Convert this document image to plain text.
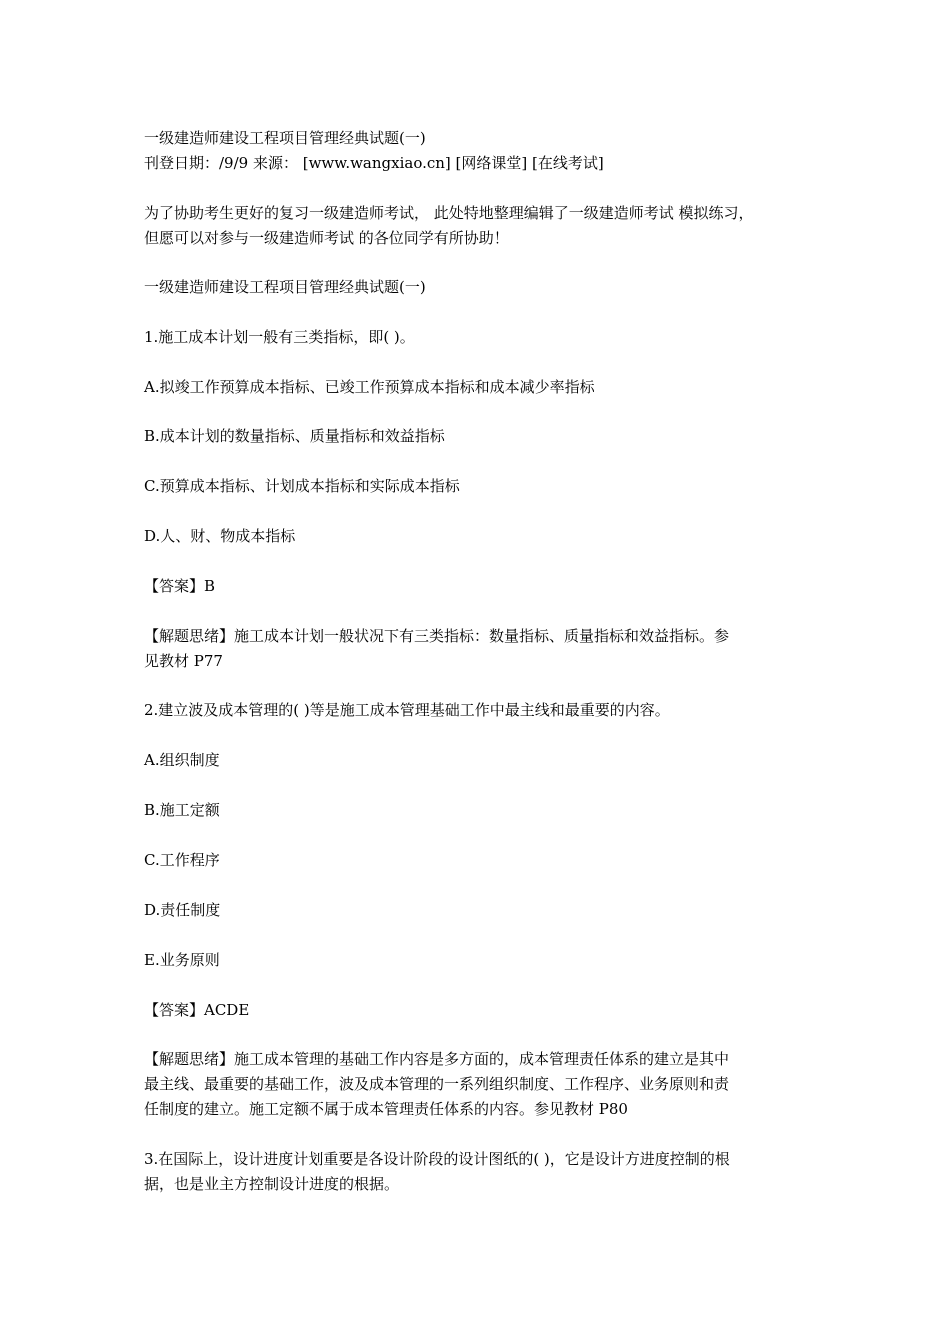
一级建造师建设工程项目管理经典试题(一)
刊登日期：/9/9 来源： [www.wangxiao.cn] [网络课堂] [在线考试]
为了协助考生更好的复习一级建造师考试， 此处特地整理编辑了一级建造师考试 模拟练习，
但愿可以对参与一级建造师考试 的各位同学有所协助！
一级建造师建设工程项目管理经典试题(一)
1.施工成本计划一般有三类指标，即( )。
A.拟竣工作预算成本指标、已竣工作预算成本指标和成本减少率指标
B.成本计划的数量指标、质量指标和效益指标
C.预算成本指标、计划成本指标和实际成本指标
D.人、财、物成本指标
【答案】B
【解题思绪】施工成本计划一般状况下有三类指标：数量指标、质量指标和效益指标。参
见教材 P77
2.建立波及成本管理的( )等是施工成本管理基础工作中最主线和最重要的内容。
A.组织制度
B.施工定额
C.工作程序
D.责任制度
E.业务原则
【答案】ACDE
【解题思绪】施工成本管理的基础工作内容是多方面的，成本管理责任体系的建立是其中
最主线、最重要的基础工作，波及成本管理的一系列组织制度、工作程序、业务原则和责
任制度的建立。施工定额不属于成本管理责任体系的内容。参见教材 P80
3.在国际上，设计进度计划重要是各设计阶段的设计图纸的( )，它是设计方进度控制的根
据，也是业主方控制设计进度的根据。
